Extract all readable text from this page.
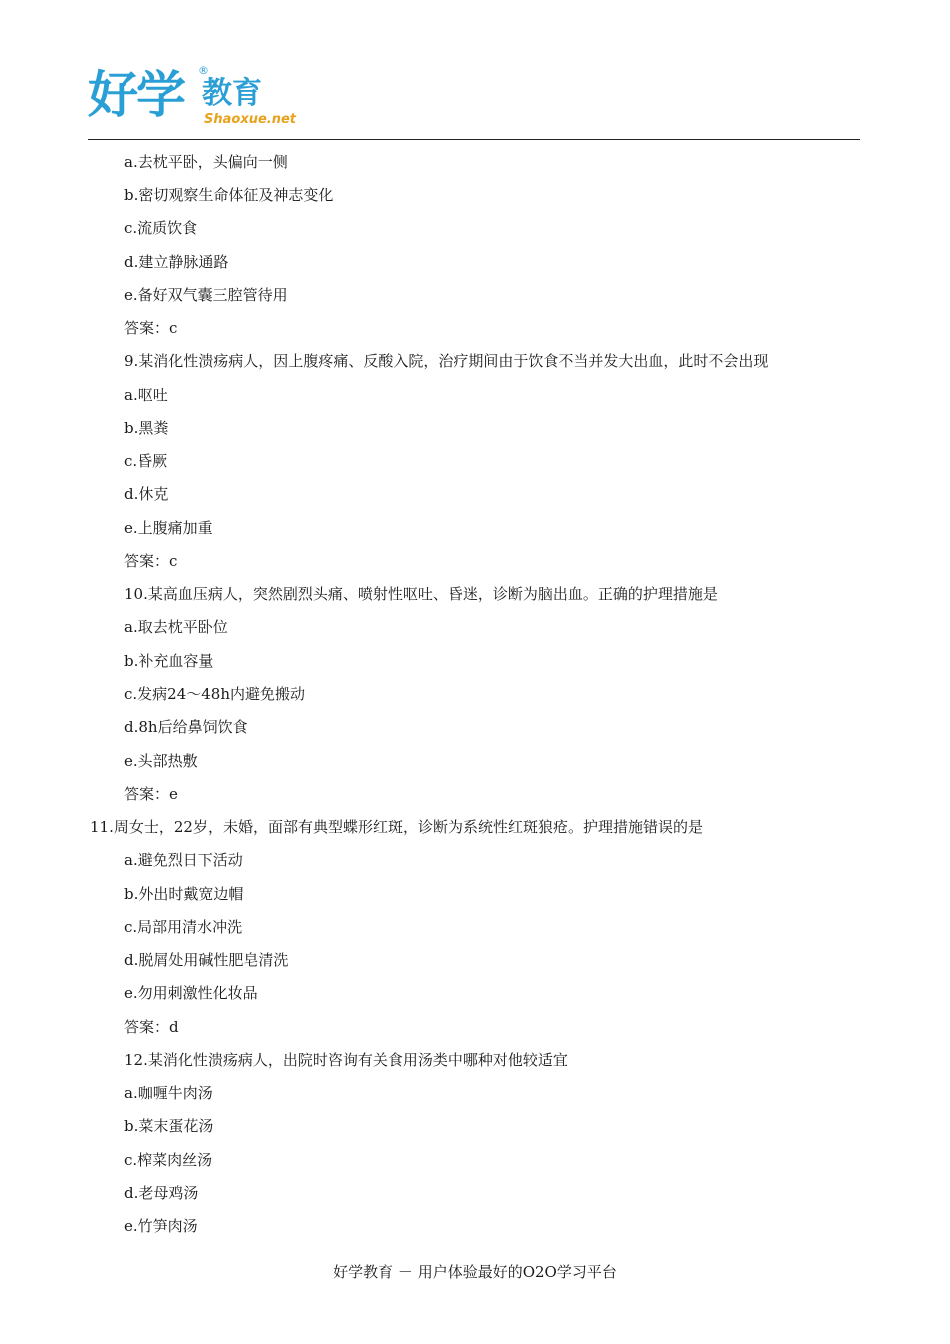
好学 ®
教育
Shaoxue.net
a.去枕平卧，头偏向一侧
b.密切观察生命体征及神志变化
c.流质饮食
d.建立静脉通路
e.备好双气囊三腔管待用
答案：c
9.某消化性溃疡病人，因上腹疼痛、反酸入院，治疗期间由于饮食不当并发大出血，此时不会出现
a.呕吐
b.黑粪
c.昏厥
d.休克
e.上腹痛加重
答案：c
10.某高血压病人，突然剧烈头痛、喷射性呕吐、昏迷，诊断为脑出血。正确的护理措施是
a.取去枕平卧位
b.补充血容量
c.发病24～48h内避免搬动
d.8h后给鼻饲饮食
e.头部热敷
答案：e
11.周女士，22岁，未婚，面部有典型蝶形红斑，诊断为系统性红斑狼疮。护理措施错误的是
a.避免烈日下活动
b.外出时戴宽边帽
c.局部用清水冲洗
d.脱屑处用碱性肥皂清洗
e.勿用刺激性化妆品
答案：d
12.某消化性溃疡病人，出院时咨询有关食用汤类中哪种对他较适宜
a.咖喱牛肉汤
b.菜末蛋花汤
c.榨菜肉丝汤
d.老母鸡汤
e.竹笋肉汤
好学教育 － 用户体验最好的O2O学习平台
